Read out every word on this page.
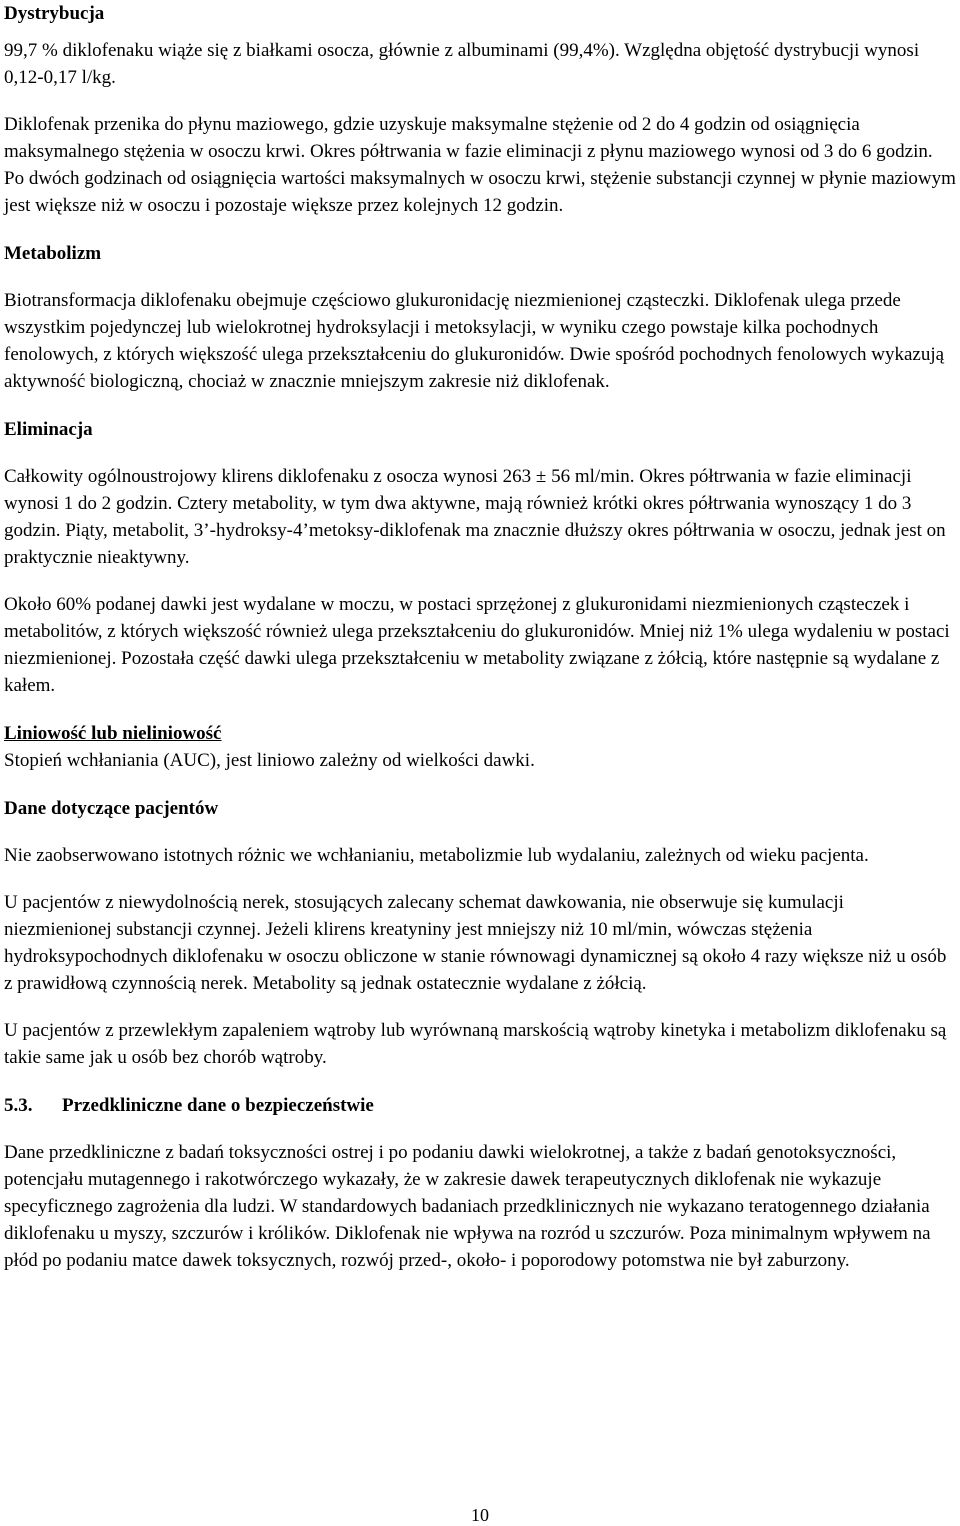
Dystrybucja

99,7 % diklofenaku wiąże się z białkami osocza, głównie z albuminami (99,4%). Względna objętość dystrybucji wynosi 0,12-0,17 l/kg.

Diklofenak przenika do płynu maziowego, gdzie uzyskuje maksymalne stężenie od 2 do 4 godzin od osiągnięcia maksymalnego stężenia w osoczu krwi. Okres półtrwania w fazie eliminacji z płynu maziowego wynosi od 3 do 6 godzin. Po dwóch godzinach od osiągnięcia wartości maksymalnych w osoczu krwi, stężenie substancji czynnej w płynie maziowym jest większe niż w osoczu i pozostaje większe przez kolejnych 12 godzin.

Metabolizm

Biotransformacja diklofenaku obejmuje częściowo glukuronidację niezmienionej cząsteczki. Diklofenak ulega przede wszystkim pojedynczej lub wielokrotnej hydroksylacji i metoksylacji, w wyniku czego powstaje kilka pochodnych fenolowych, z których większość ulega przekształceniu do glukuronidów. Dwie spośród pochodnych fenolowych wykazują aktywność biologiczną, chociaż w znacznie mniejszym zakresie niż diklofenak.

Eliminacja

Całkowity ogólnoustrojowy klirens diklofenaku z osocza wynosi 263 ± 56 ml/min. Okres półtrwania w fazie eliminacji wynosi 1 do 2 godzin. Cztery metabolity, w tym dwa aktywne, mają również krótki okres półtrwania wynoszący 1 do 3 godzin. Piąty, metabolit, 3’-hydroksy-4’metoksy-diklofenak ma znacznie dłuższy okres półtrwania w osoczu, jednak jest on praktycznie nieaktywny.

Około 60% podanej dawki jest wydalane w moczu, w postaci sprzężonej z glukuronidami niezmienionych cząsteczek i metabolitów, z których większość również ulega przekształceniu do glukuronidów. Mniej niż 1% ulega wydaleniu w postaci niezmienionej. Pozostała część dawki ulega przekształceniu w metabolity związane z żółcią, które następnie są wydalane z kałem.

Liniowość lub nieliniowość

Stopień wchłaniania (AUC), jest liniowo zależny od wielkości dawki.

Dane dotyczące pacjentów

Nie zaobserwowano istotnych różnic we wchłanianiu, metabolizmie lub wydalaniu, zależnych od wieku pacjenta.

U pacjentów z niewydolnością nerek, stosujących zalecany schemat dawkowania, nie obserwuje się kumulacji niezmienionej substancji czynnej. Jeżeli klirens kreatyniny jest mniejszy niż 10 ml/min, wówczas stężenia hydroksypochodnych diklofenaku w osoczu obliczone w stanie równowagi dynamicznej są około 4 razy większe niż u osób z prawidłową czynnością nerek. Metabolity są jednak ostatecznie wydalane z żółcią.

U pacjentów z przewlekłym zapaleniem wątroby lub wyrównaną marskością wątroby kinetyka i metabolizm diklofenaku są takie same jak u osób bez chorób wątroby.

5.3. Przedkliniczne dane o bezpieczeństwie

Dane przedkliniczne z badań toksyczności ostrej i po podaniu dawki wielokrotnej, a także z badań genotoksyczności, potencjału mutagennego i rakotwórczego wykazały, że w zakresie dawek terapeutycznych diklofenak nie wykazuje specyficznego zagrożenia dla ludzi. W standardowych badaniach przedklinicznych nie wykazano teratogennego działania diklofenaku u myszy, szczurów i królików. Diklofenak nie wpływa na rozród u szczurów. Poza minimalnym wpływem na płód po podaniu matce dawek toksycznych, rozwój przed-, około- i poporodowy potomstwa nie był zaburzony.

10
